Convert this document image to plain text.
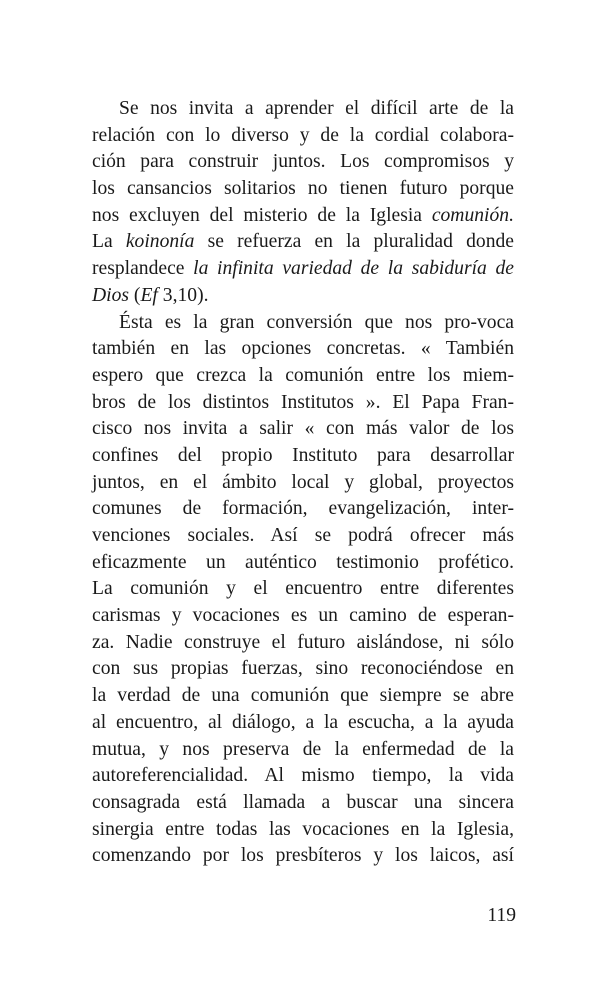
Se nos invita a aprender el difícil arte de la
relación con lo diverso y de la cordial colabora-
ción para construir juntos. Los compromisos y
los cansancios solitarios no tienen futuro porque
nos excluyen del misterio de la Iglesia comunión.
La koinonía se refuerza en la pluralidad donde
resplandece la infinita variedad de la sabiduría de
Dios (Ef 3,10).
Ésta es la gran conversión que nos pro-voca
también en las opciones concretas. « También
espero que crezca la comunión entre los miem-
bros de los distintos Institutos ». El Papa Fran-
cisco nos invita a salir « con más valor de los
confines del propio Instituto para desarrollar
juntos, en el ámbito local y global, proyectos
comunes de formación, evangelización, inter-
venciones sociales. Así se podrá ofrecer más
eficazmente un auténtico testimonio profético.
La comunión y el encuentro entre diferentes
carismas y vocaciones es un camino de esperan-
za. Nadie construye el futuro aislándose, ni sólo
con sus propias fuerzas, sino reconociéndose en
la verdad de una comunión que siempre se abre
al encuentro, al diálogo, a la escucha, a la ayuda
mutua, y nos preserva de la enfermedad de la
autoreferencialidad. Al mismo tiempo, la vida
consagrada está llamada a buscar una sincera
sinergia entre todas las vocaciones en la Iglesia,
comenzando por los presbíteros y los laicos, así
119
